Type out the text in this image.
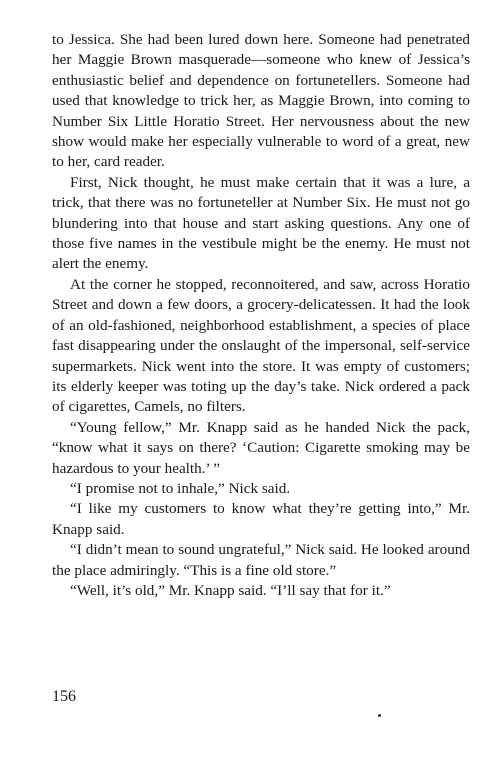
to Jessica. She had been lured down here. Someone had penetrated her Maggie Brown masquerade—someone who knew of Jessica’s enthusiastic belief and dependence on fortunetellers. Someone had used that knowledge to trick her, as Maggie Brown, into coming to Number Six Little Horatio Street. Her nervousness about the new show would make her especially vulnerable to word of a great, new to her, card reader.

First, Nick thought, he must make certain that it was a lure, a trick, that there was no fortuneteller at Number Six. He must not go blundering into that house and start asking questions. Any one of those five names in the vestibule might be the enemy. He must not alert the enemy.

At the corner he stopped, reconnoitered, and saw, across Horatio Street and down a few doors, a grocery-delicatessen. It had the look of an old-fashioned, neighborhood establishment, a species of place fast disappearing under the onslaught of the impersonal, self-service supermarkets. Nick went into the store. It was empty of customers; its elderly keeper was toting up the day’s take. Nick ordered a pack of cigarettes, Camels, no filters.

“Young fellow,” Mr. Knapp said as he handed Nick the pack, “know what it says on there? ‘Caution: Cigarette smoking may be hazardous to your health.’ ”

“I promise not to inhale,” Nick said.

“I like my customers to know what they’re getting into,” Mr. Knapp said.

“I didn’t mean to sound ungrateful,” Nick said. He looked around the place admiringly. “This is a fine old store.”

“Well, it’s old,” Mr. Knapp said. “I’ll say that for it.”

156
